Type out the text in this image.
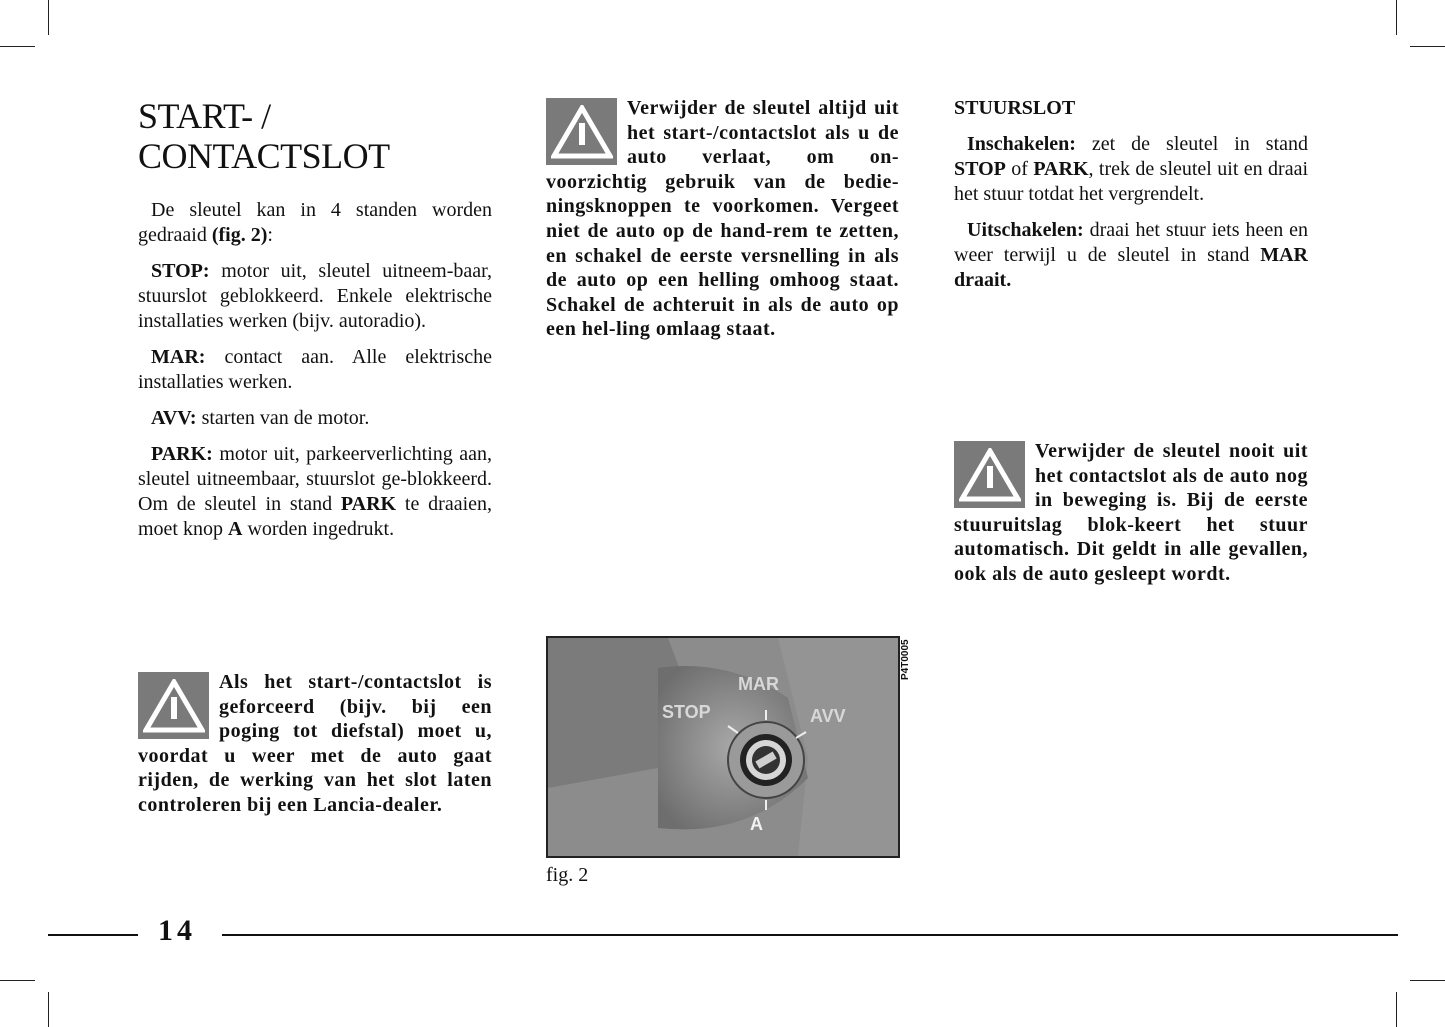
START- /
CONTACTSLOT

De sleutel kan in 4 standen worden gedraaid (fig. 2):

STOP: motor uit, sleutel uitneem-baar, stuurslot geblokkeerd. Enkele elektrische installaties werken (bijv. autoradio).

MAR: contact aan. Alle elektrische installaties werken.

AVV: starten van de motor.

PARK: motor uit, parkeerverlichting aan, sleutel uitneembaar, stuurslot ge-blokkeerd. Om de sleutel in stand PARK te draaien, moet knop A worden ingedrukt.

Als het start-/contactslot is geforceerd (bijv. bij een poging tot diefstal) moet u, voordat u weer met de auto gaat rijden, de werking van het slot laten controleren bij een Lancia-dealer.
Verwijder de sleutel altijd uit het start-/contactslot als u de auto verlaat, om on-voorzichtig gebruik van de bedie-ningsknoppen te voorkomen. Vergeet niet de auto op de hand-rem te zetten, en schakel de eerste versnelling in als de auto op een helling omhoog staat. Schakel de achteruit in als de auto op een hel-ling omlaag staat.
STOP
MAR
AVV
A
P4T0005
fig. 2

STUURSLOT

Inschakelen: zet de sleutel in stand STOP of PARK, trek de sleutel uit en draai het stuur totdat het vergrendelt.

Uitschakelen: draai het stuur iets heen en weer terwijl u de sleutel in stand MAR draait.

Verwijder de sleutel nooit uit het contactslot als de auto nog in beweging is. Bij de eerste stuuruitslag blok-keert het stuur automatisch. Dit geldt in alle gevallen, ook als de auto gesleept wordt.
14
